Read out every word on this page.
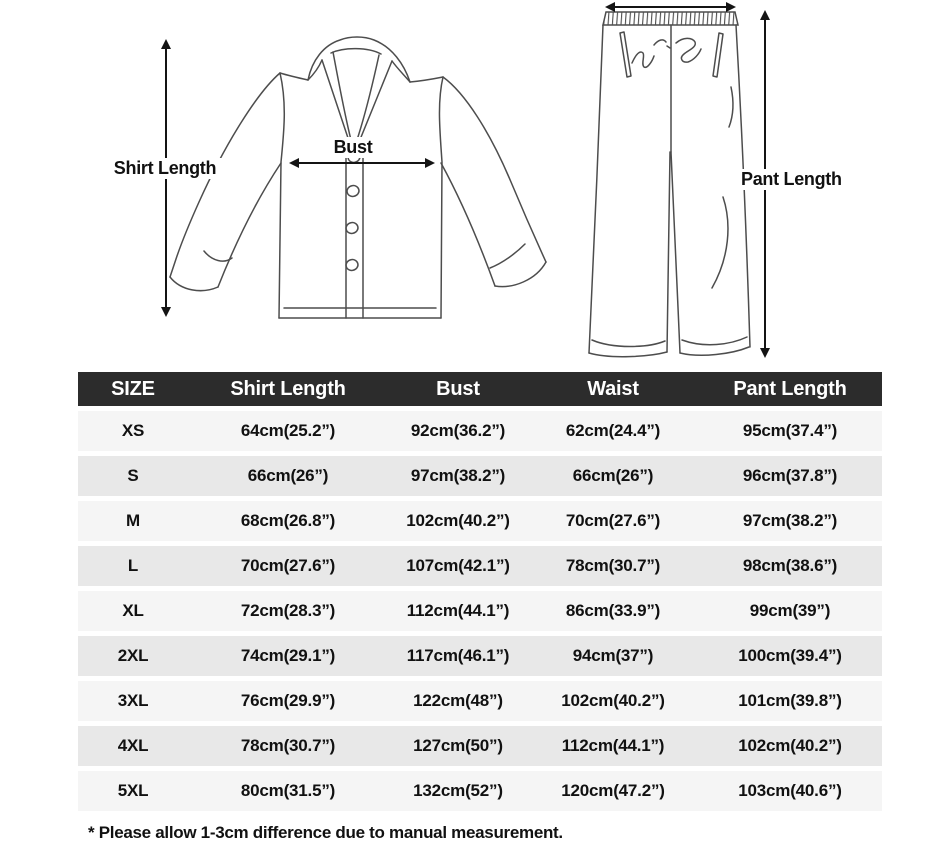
Shirt Length
Bust
Pant Length
SIZE	Shirt Length	Bust	Waist	Pant Length
XS	64cm(25.2”)	92cm(36.2”)	62cm(24.4”)	95cm(37.4”)
S	66cm(26”)	97cm(38.2”)	66cm(26”)	96cm(37.8”)
M	68cm(26.8”)	102cm(40.2”)	70cm(27.6”)	97cm(38.2”)
L	70cm(27.6”)	107cm(42.1”)	78cm(30.7”)	98cm(38.6”)
XL	72cm(28.3”)	112cm(44.1”)	86cm(33.9”)	99cm(39”)
2XL	74cm(29.1”)	117cm(46.1”)	94cm(37”)	100cm(39.4”)
3XL	76cm(29.9”)	122cm(48”)	102cm(40.2”)	101cm(39.8”)
4XL	78cm(30.7”)	127cm(50”)	112cm(44.1”)	102cm(40.2”)
5XL	80cm(31.5”)	132cm(52”)	120cm(47.2”)	103cm(40.6”)
* Please allow 1-3cm difference due to manual measurement.
